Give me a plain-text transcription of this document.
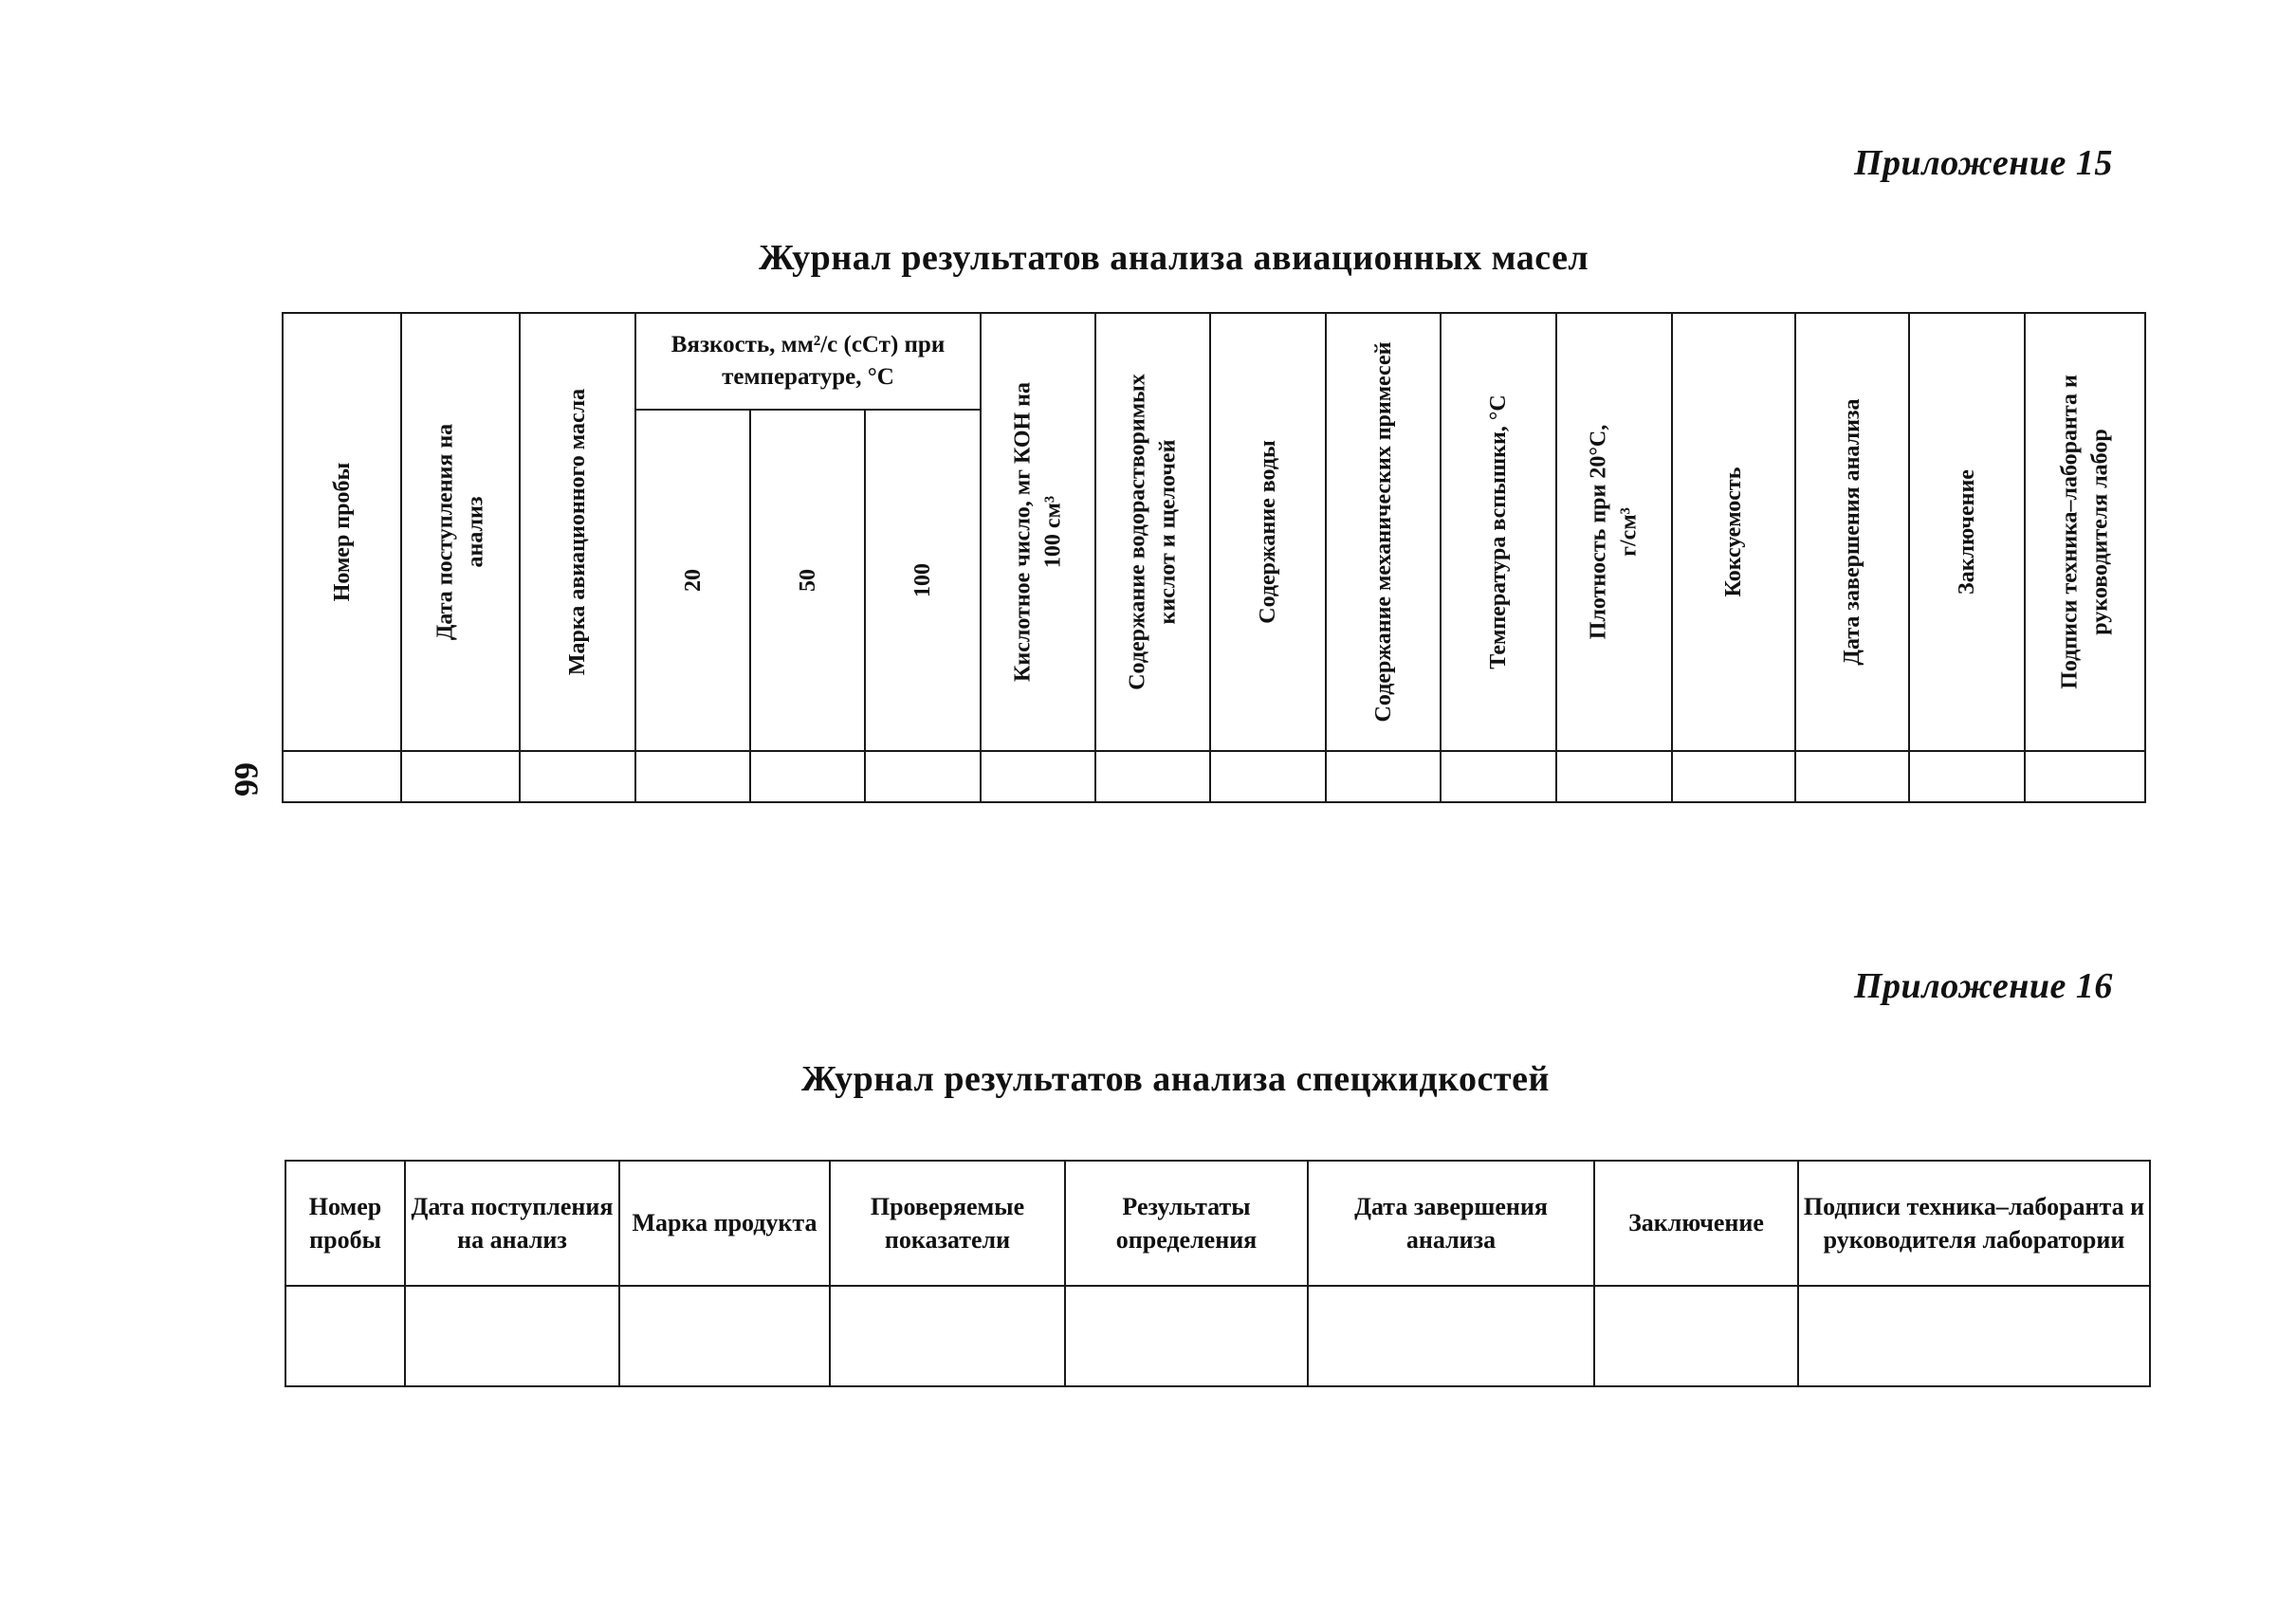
Приложение 15
Журнал результатов анализа авиационных масел
66
Номер пробы	Дата поступления на анализ	Марка авиационного масла	Вязкость, мм²/с (сСт) при температуре, °С			Кислотное число, мг КОН на 100 см³	Содержание водорастворимых кислот и щелочей	Содержание воды	Содержание механических примесей	Температура вспышки, °С	Плотность при 20°С, г/см³	Коксуемость	Дата завершения анализа	Заключение	Подписи техника–лаборанта и руководителя лабор

			20	50	100										

Приложение 16
Журнал результатов анализа спецжидкостей
Номер пробы	Дата поступления на анализ	Марка продукта	Проверяемые показатели	Результаты определения	Дата завершения анализа	Заключение	Подписи техника–лаборанта и руководителя лаборатории
